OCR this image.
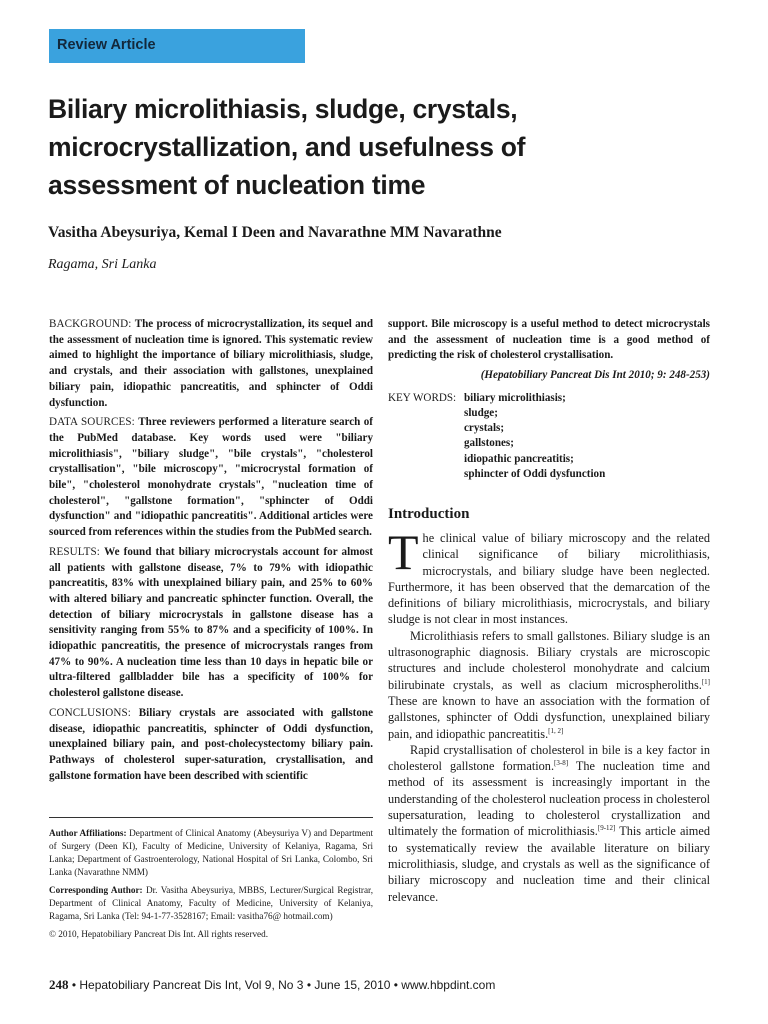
Review Article
Biliary microlithiasis, sludge, crystals,
microcrystallization, and usefulness of
assessment of nucleation time
Vasitha Abeysuriya, Kemal I Deen and Navarathne MM Navarathne
Ragama, Sri Lanka

BACKGROUND: The process of microcrystallization, its sequel and the assessment of nucleation time is ignored. This systematic review aimed to highlight the importance of biliary microlithiasis, sludge, and crystals, and their association with gallstones, unexplained biliary pain, idiopathic pancreatitis, and sphincter of Oddi dysfunction.

DATA SOURCES: Three reviewers performed a literature search of the PubMed database. Key words used were "biliary microlithiasis", "biliary sludge", "bile crystals", "cholesterol crystallisation", "bile microscopy", "microcrystal formation of bile", "cholesterol monohydrate crystals", "nucleation time of cholesterol", "gallstone formation", "sphincter of Oddi dysfunction" and "idiopathic pancreatitis". Additional articles were sourced from references within the studies from the PubMed search.

RESULTS: We found that biliary microcrystals account for almost all patients with gallstone disease, 7% to 79% with idiopathic pancreatitis, 83% with unexplained biliary pain, and 25% to 60% with altered biliary and pancreatic sphincter function. Overall, the detection of biliary microcrystals in gallstone disease has a sensitivity ranging from 55% to 87% and a specificity of 100%. In idiopathic pancreatitis, the presence of microcrystals ranges from 47% to 90%. A nucleation time less than 10 days in hepatic bile or ultra-filtered gallbladder bile has a specificity of 100% for cholesterol gallstone disease.

CONCLUSIONS: Biliary crystals are associated with gallstone disease, idiopathic pancreatitis, sphincter of Oddi dysfunction, unexplained biliary pain, and post-cholecystectomy biliary pain. Pathways of cholesterol super-saturation, crystallisation, and gallstone formation have been described with scientific

support. Bile microscopy is a useful method to detect microcrystals and the assessment of nucleation time is a good method of predicting the risk of cholesterol crystallisation.

(Hepatobiliary Pancreat Dis Int 2010; 9: 248-253)
KEY WORDS: biliary microlithiasis;
sludge;
crystals;
gallstones;
idiopathic pancreatitis;
sphincter of Oddi dysfunction
Introduction

The clinical value of biliary microscopy and the related clinical significance of biliary microlithiasis, microcrystals, and biliary sludge have been neglected. Furthermore, it has been observed that the demarcation of the definitions of biliary microlithiasis, microcrystals, and biliary sludge is not clear in most instances.

Microlithiasis refers to small gallstones. Biliary sludge is an ultrasonographic diagnosis. Biliary crystals are microscopic structures and include cholesterol monohydrate and calcium bilirubinate crystals, as well as clacium microspheroliths.[1] These are known to have an association with the formation of gallstones, sphincter of Oddi dysfunction, unexplained biliary pain, and idiopathic pancreatitis.[1, 2]

Rapid crystallisation of cholesterol in bile is a key factor in cholesterol gallstone formation.[3-8] The nucleation time and method of its assessment is increasingly important in the understanding of the cholesterol nucleation process in cholesterol supersaturation, leading to cholesterol crystallization and ultimately the formation of microlithiasis.[9-12] This article aimed to systematically review the available literature on biliary microlithiasis, sludge, and crystals as well as the significance of biliary microscopy and nucleation time and their clinical relevance.

Author Affiliations: Department of Clinical Anatomy (Abeysuriya V) and Department of Surgery (Deen KI), Faculty of Medicine, University of Kelaniya, Ragama, Sri Lanka; Department of Gastroenterology, National Hospital of Sri Lanka, Colombo, Sri Lanka (Navarathne NMM)

Corresponding Author: Dr. Vasitha Abeysuriya, MBBS, Lecturer/Surgical Registrar, Department of Clinical Anatomy, Faculty of Medicine, University of Kelaniya, Ragama, Sri Lanka (Tel: 94-1-77-3528167; Email: vasitha76@ hotmail.com)

© 2010, Hepatobiliary Pancreat Dis Int. All rights reserved.

248 • Hepatobiliary Pancreat Dis Int, Vol 9, No 3 • June 15, 2010 • www.hbpdint.com
